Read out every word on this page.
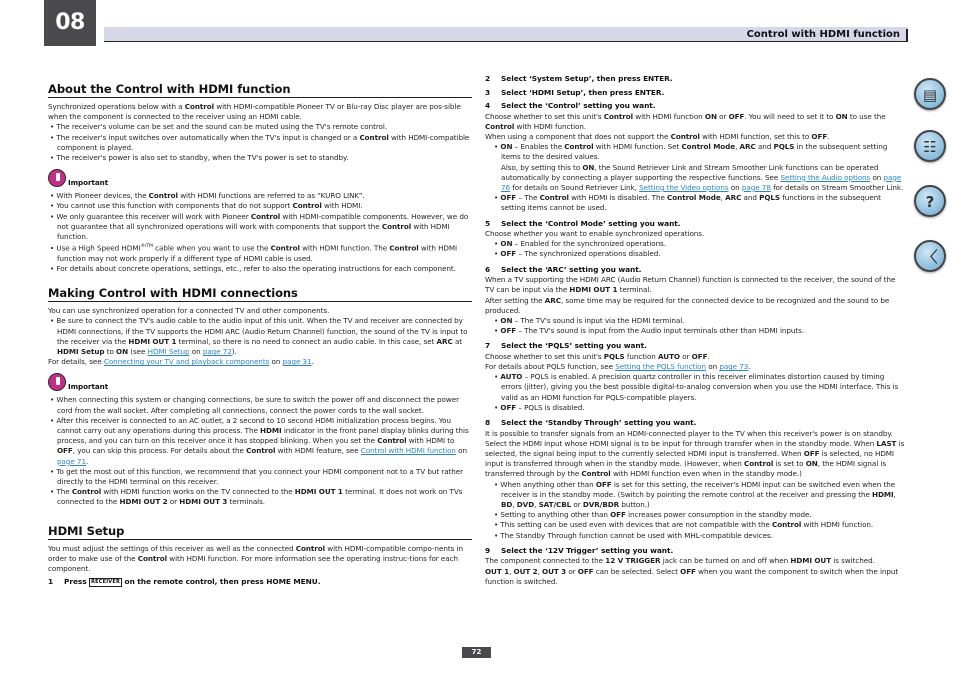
08	Control with HDMI function
About the Control with HDMI function

Synchronized operations below with a Control with HDMI-compatible Pioneer TV or Blu-ray Disc player are pos-sible when the component is connected to the receiver using an HDMI cable.

• The receiver's volume can be set and the sound can be muted using the TV's remote control.

• The receiver's input switches over automatically when the TV's input is changed or a Control with HDMI-compatible component is played.

• The receiver's power is also set to standby, when the TV's power is set to standby.

Important

• With Pioneer devices, the Control with HDMI functions are referred to as “KURO LINK”.

• You cannot use this function with components that do not support Control with HDMI.

• We only guarantee this receiver will work with Pioneer Control with HDMI-compatible components. However, we do not guarantee that all synchronized operations will work with components that support the Control with HDMI function.

• Use a High Speed $HDMI^{®/TM}$ cable when you want to use the Control with HDMI function. The Control with HDMI function may not work properly if a different type of HDMI cable is used.

• For details about concrete operations, settings, etc., refer to also the operating instructions for each component.

Making Control with HDMI connections

You can use synchronized operation for a connected TV and other components.

• Be sure to connect the TV's audio cable to the audio input of this unit. When the TV and receiver are connected by HDMI connections, if the TV supports the HDMI ARC (Audio Return Channel) function, the sound of the TV is input to the receiver via the HDMI OUT 1 terminal, so there is no need to connect an audio cable. In this case, set ARC at HDMI Setup to ON (see HDMI Setup on page 72).

For details, see Connecting your TV and playback components on page 31.

Important

• When connecting this system or changing connections, be sure to switch the power off and disconnect the power cord from the wall socket. After completing all connections, connect the power cords to the wall socket.

• After this receiver is connected to an AC outlet, a 2 second to 10 second HDMI initialization process begins. You cannot carry out any operations during this process. The HDMI indicator in the front panel display blinks during this process, and you can turn on this receiver once it has stopped blinking. When you set the Control with HDMI to OFF, you can skip this process. For details about the Control with HDMI feature, see Control with HDMI function on page 71.

• To get the most out of this function, we recommend that you connect your HDMI component not to a TV but rather directly to the HDMI terminal on this receiver.

• The Control with HDMI function works on the TV connected to the HDMI OUT 1 terminal. It does not work on TVs connected to the HDMI OUT 2 or HDMI OUT 3 terminals.

HDMI Setup

You must adjust the settings of this receiver as well as the connected Control with HDMI-compatible compo-nents in order to make use of the Control with HDMI function. For more information see the operating instruc-tions for each component.

1 Press RECEIVER on the remote control, then press HOME MENU.
2 Select ‘System Setup’, then press ENTER.
3 Select ‘HDMI Setup’, then press ENTER.
4 Select the ‘Control’ setting you want.

Choose whether to set this unit's Control with HDMI function ON or OFF. You will need to set it to ON to use the Control with HDMI function.

When using a component that does not support the Control with HDMI function, set this to OFF.

• ON – Enables the Control with HDMI function. Set Control Mode, ARC and PQLS in the subsequent setting items to the desired values.

Also, by setting this to ON, the Sound Retriever Link and Stream Smoother Link functions can be operated automatically by connecting a player supporting the respective functions. See Setting the Audio options on page 76 for details on Sound Retriever Link, Setting the Video options on page 78 for details on Stream Smoother Link.

• OFF – The Control with HDMI is disabled. The Control Mode, ARC and PQLS functions in the subsequent setting items cannot be used.

5 Select the ‘Control Mode’ setting you want.

Choose whether you want to enable synchronized operations.

• ON – Enabled for the synchronized operations.

• OFF – The synchronized operations disabled.

6 Select the ‘ARC’ setting you want.

When a TV supporting the HDMI ARC (Audio Return Channel) function is connected to the receiver, the sound of the TV can be input via the HDMI OUT 1 terminal.

After setting the ARC, some time may be required for the connected device to be recognized and the sound to be produced.

• ON – The TV's sound is input via the HDMI terminal.

• OFF – The TV's sound is input from the Audio input terminals other than HDMI inputs.

7 Select the ‘PQLS’ setting you want.

Choose whether to set this unit's PQLS function AUTO or OFF.

For details about PQLS function, see Setting the PQLS function on page 73.

• AUTO – PQLS is enabled. A precision quartz controller in this receiver eliminates distortion caused by timing errors (jitter), giving you the best possible digital-to-analog conversion when you use the HDMI interface. This is valid as an HDMI function for PQLS-compatible players.

• OFF – PQLS is disabled.

8 Select the ‘Standby Through’ setting you want.

It is possible to transfer signals from an HDMI-connected player to the TV when this receiver's power is on standby.

Select the HDMI input whose HDMI signal is to be input for through transfer when in the standby mode. When LAST is selected, the signal being input to the currently selected HDMI input is transferred. When OFF is selected, no HDMI input is transferred through when in the standby mode. (However, when Control is set to ON, the HDMI signal is transferred through by the Control with HDMI function even when in the standby mode.)

• When anything other than OFF is set for this setting, the receiver's HDMI input can be switched even when the receiver is in the standby mode. (Switch by pointing the remote control at the receiver and pressing the HDMI, BD, DVD, SAT/CBL or DVR/BDR button.)

• Setting to anything other than OFF increases power consumption in the standby mode.

• This setting can be used even with devices that are not compatible with the Control with HDMI function.

• The Standby Through function cannot be used with MHL-compatible devices.

9 Select the ‘12V Trigger’ setting you want.

The component connected to the 12 V TRIGGER jack can be turned on and off when HDMI OUT is switched.
OUT 1, OUT 2, OUT 3 or OFF can be selected. Select OFF when you want the component to switch when the input function is switched.

▤
☷
?
〈
72
